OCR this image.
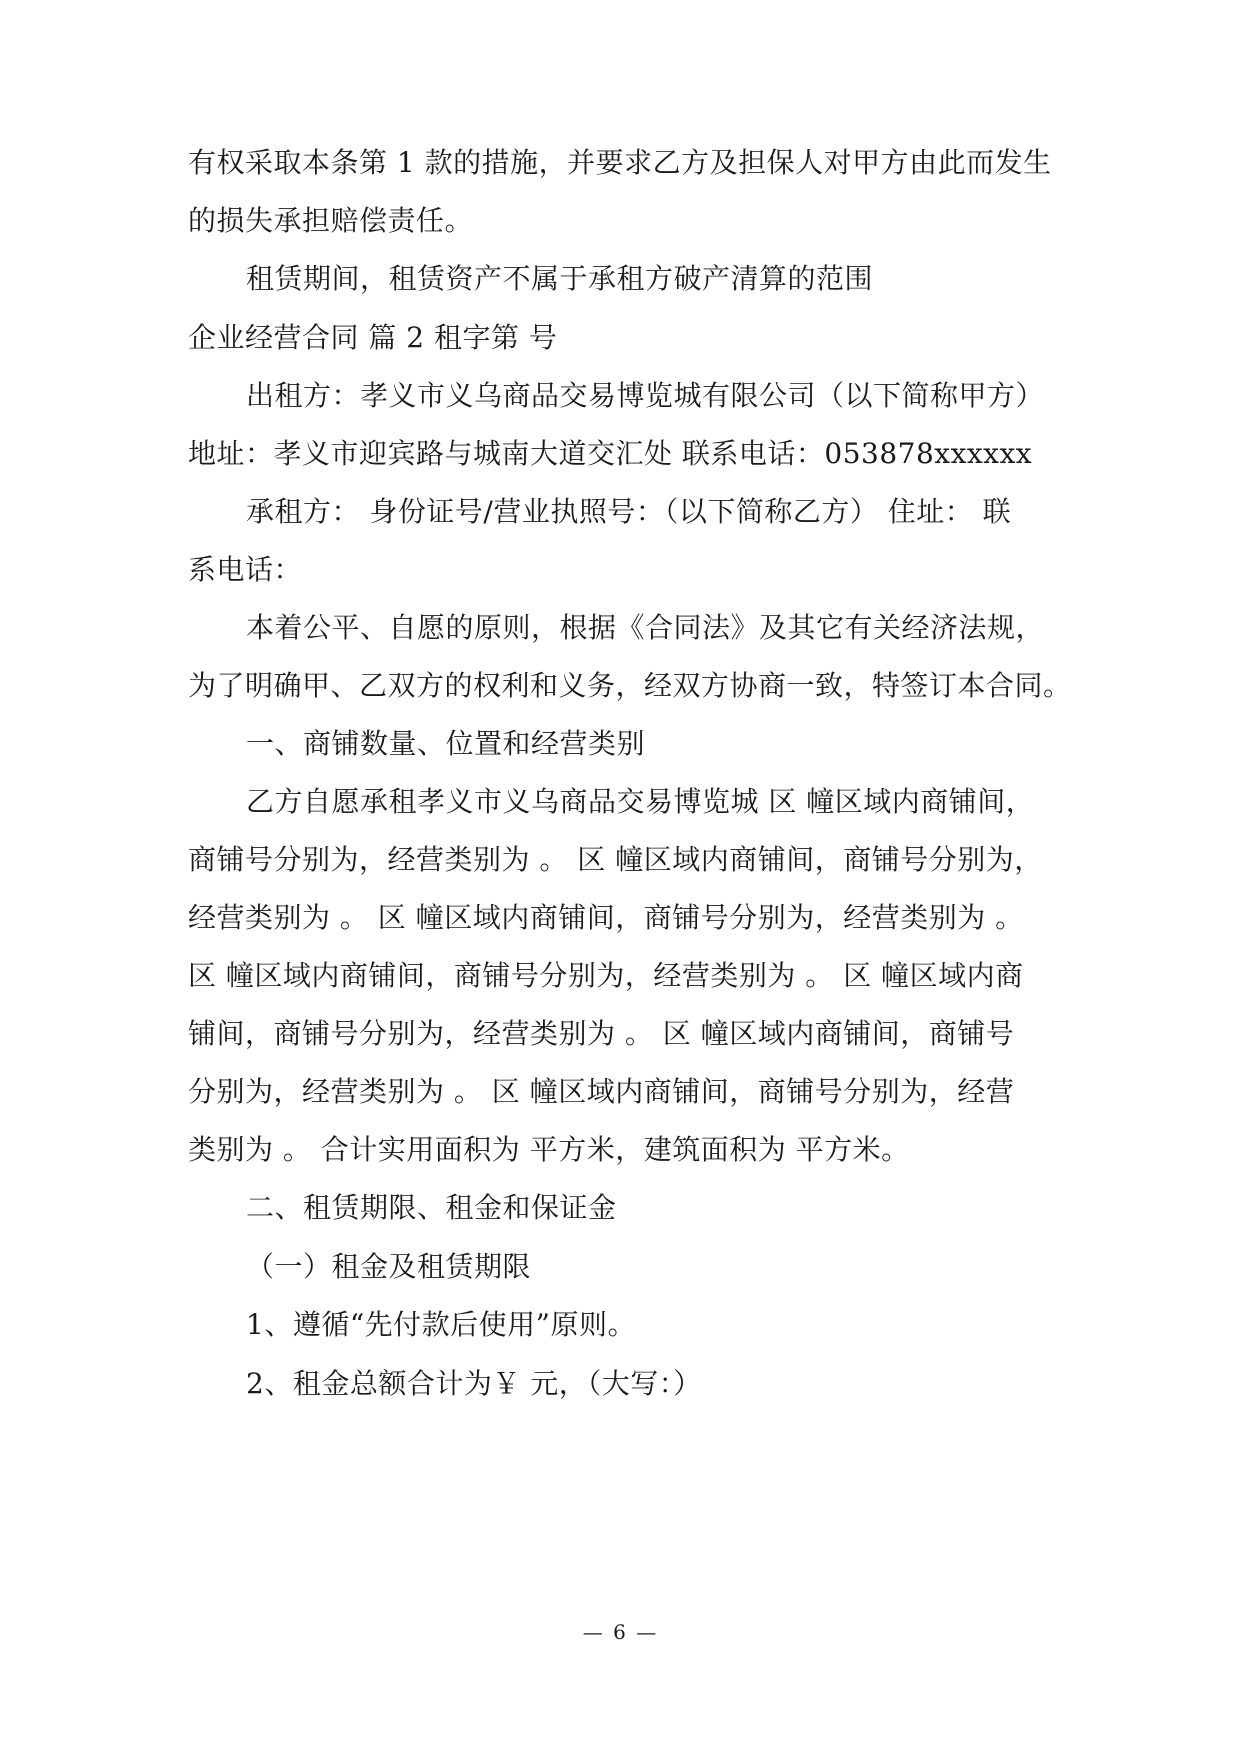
有权采取本条第 1 款的措施，并要求乙方及担保人对甲方由此而发生
的损失承担赔偿责任。
租赁期间，租赁资产不属于承租方破产清算的范围
企业经营合同 篇 2 租字第 号
出租方：孝义市义乌商品交易博览城有限公司（以下简称甲方）
地址：孝义市迎宾路与城南大道交汇处 联系电话：053878xxxxxx
承租方： 身份证号/营业执照号：（以下简称乙方） 住址： 联
系电话：
本着公平、自愿的原则，根据《合同法》及其它有关经济法规，
为了明确甲、乙双方的权利和义务，经双方协商一致，特签订本合同。
一、商铺数量、位置和经营类别
乙方自愿承租孝义市义乌商品交易博览城 区 幢区域内商铺间，
商铺号分别为，经营类别为 。 区 幢区域内商铺间，商铺号分别为，
经营类别为 。 区 幢区域内商铺间，商铺号分别为，经营类别为 。
区 幢区域内商铺间，商铺号分别为，经营类别为 。 区 幢区域内商
铺间，商铺号分别为，经营类别为 。 区 幢区域内商铺间，商铺号
分别为，经营类别为 。 区 幢区域内商铺间，商铺号分别为，经营
类别为 。 合计实用面积为 平方米，建筑面积为 平方米。
二、租赁期限、租金和保证金
（一）租金及租赁期限
1、遵循“先付款后使用”原则。
2、租金总额合计为￥ 元，（大写：）
— 6 —
